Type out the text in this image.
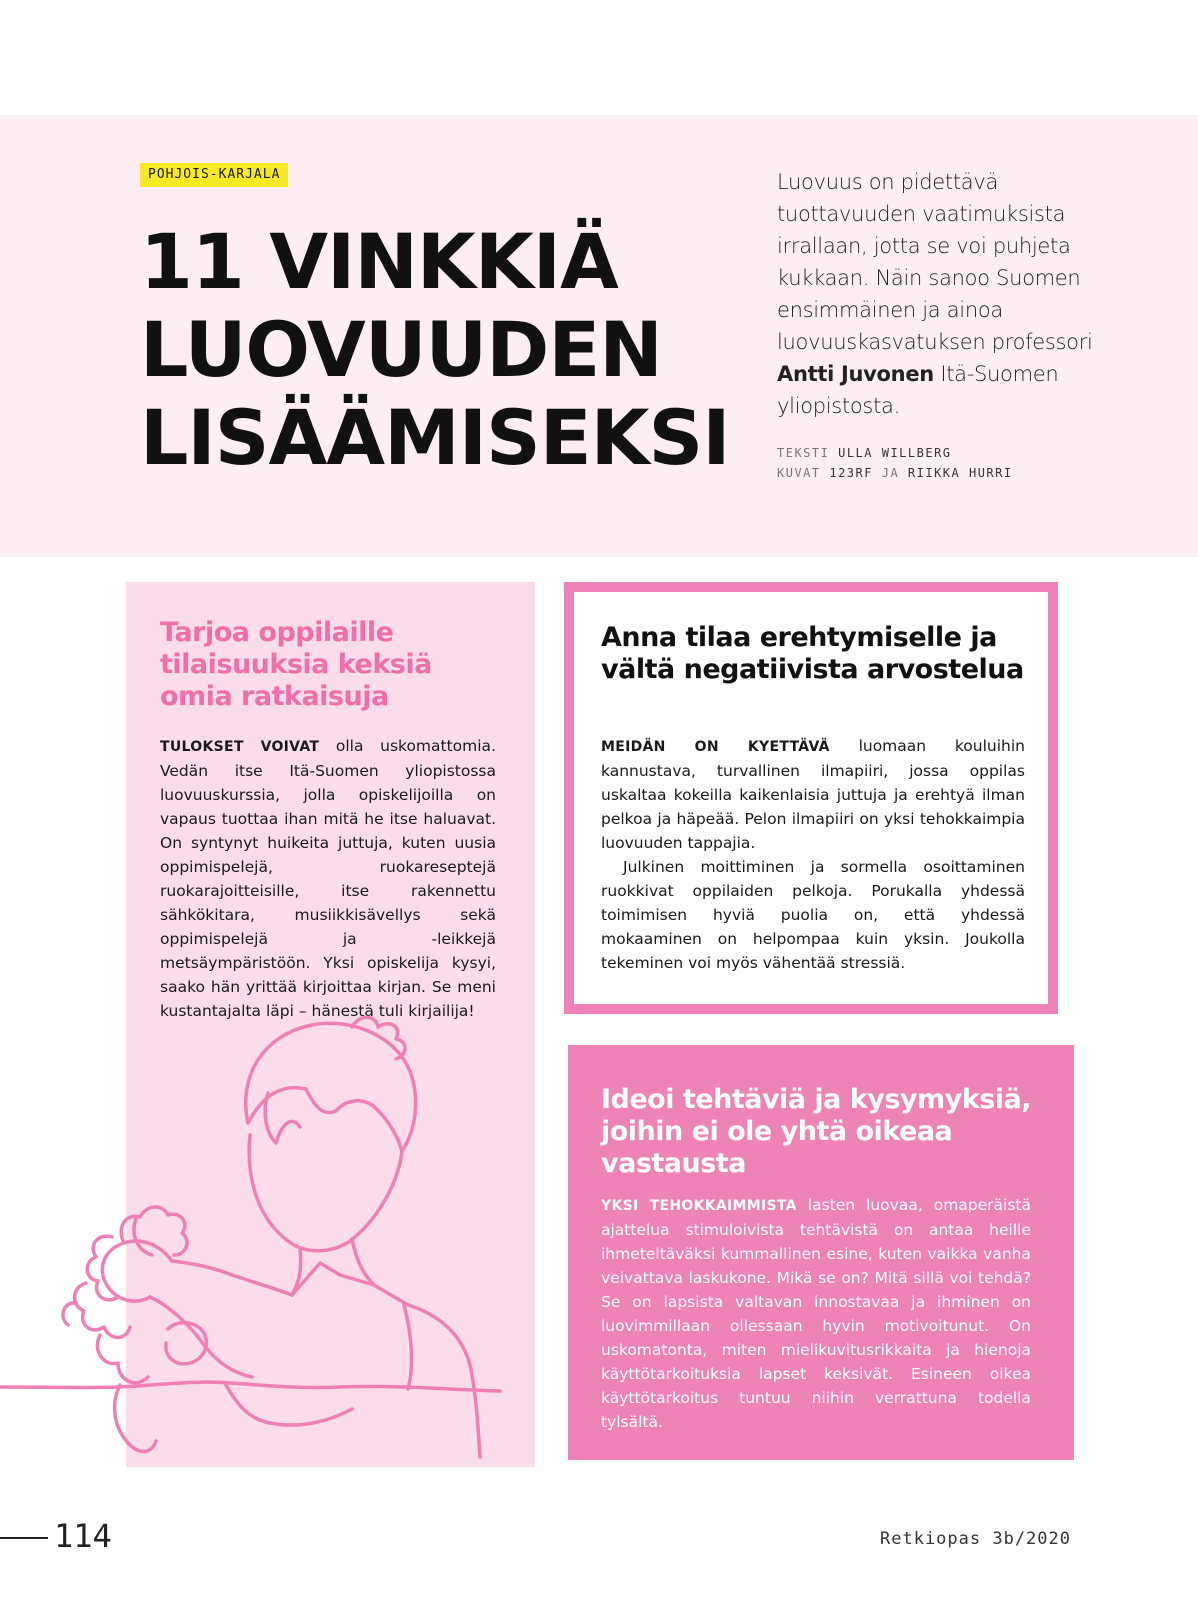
POHJOIS-KARJALA
11 VINKKIÄ
LUOVUUDEN
LISÄÄMISEKSI

Luovuus on pidettävä tuottavuuden vaatimuksista irrallaan, jotta se voi puhjeta kukkaan. Näin sanoo Suomen ensimmäinen ja ainoa luovuuskasvatuksen professori Antti Juvonen Itä-Suomen yliopistosta.

TEKSTI ULLA WILLBERG
KUVAT 123RF JA RIIKKA HURRI
Tarjoa oppilaille tilaisuuksia keksiä omia ratkaisuja

TULOKSET VOIVAT olla uskomattomia. Vedän itse Itä-Suomen yliopistossa luovuuskurssia, jolla opiskelijoilla on vapaus tuottaa ihan mitä he itse haluavat. On syntynyt huikeita juttuja, kuten uusia oppimispelejä, ruokareseptejä ruokarajoitteisille, itse rakennettu sähkökitara, musiikkisävellys sekä oppimispelejä ja -leikkejä metsäympäristöön. Yksi opiskelija kysyi, saako hän yrittää kirjoittaa kirjan. Se meni kustantajalta läpi – hänestä tuli kirjailija!

Anna tilaa erehtymiselle ja vältä negatiivista arvostelua
MEIDÄN ON KYETTÄVÄ luomaan kouluihin kannustava, turvallinen ilmapiiri, jossa oppilas uskaltaa kokeilla kaikenlaisia juttuja ja erehtyä ilman pelkoa ja häpeää. Pelon ilmapiiri on yksi tehokkaimpia luovuuden tappajia.
Julkinen moittiminen ja sormella osoittaminen ruokkivat oppilaiden pelkoja. Porukalla yhdessä toimimisen hyviä puolia on, että yhdessä mokaaminen on helpompaa kuin yksin. Joukolla tekeminen voi myös vähentää stressiä.
Ideoi tehtäviä ja kysymyksiä, joihin ei ole yhtä oikeaa vastausta

YKSI TEHOKKAIMMISTA lasten luovaa, omaperäistä ajattelua stimuloivista tehtävistä on antaa heille ihmeteltäväksi kummallinen esine, kuten vaikka vanha veivattava laskukone. Mikä se on? Mitä sillä voi tehdä? Se on lapsista valtavan innostavaa ja ihminen on luovimmillaan ollessaan hyvin motivoitunut. On uskomatonta, miten mielikuvitusrikkaita ja hienoja käyttötarkoituksia lapset keksivät. Esineen oikea käyttötarkoitus tuntuu niihin verrattuna todella tylsältä.

114	Retkiopas 3b/2020
